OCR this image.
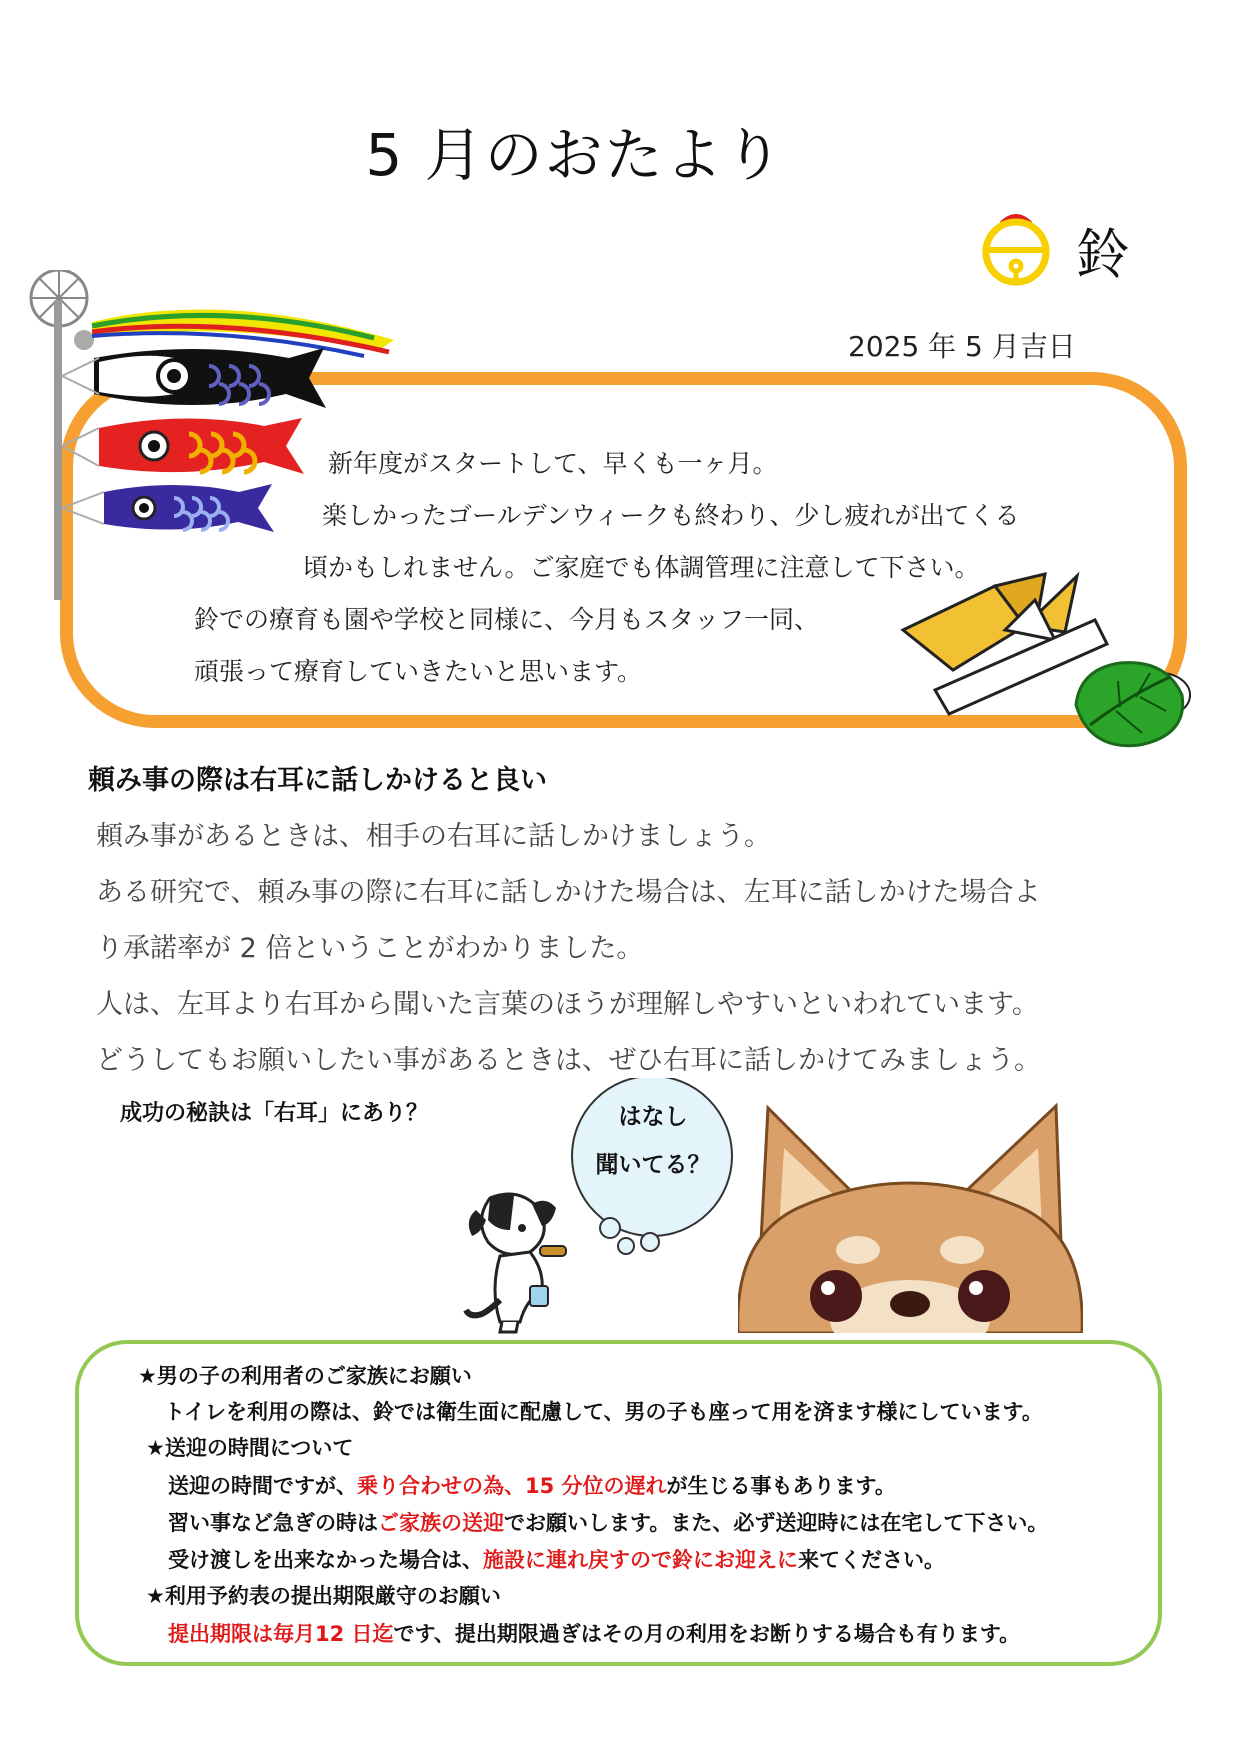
5 月のおたより
鈴
2025 年 5 月吉日
新年度がスタートして、早くも一ヶ月。
楽しかったゴールデンウィークも終わり、少し疲れが出てくる
頃かもしれません。ご家庭でも体調管理に注意して下さい。
鈴での療育も園や学校と同様に、今月もスタッフ一同、
頑張って療育していきたいと思います。
頼み事の際は右耳に話しかけると良い
頼み事があるときは、相手の右耳に話しかけましょう。
ある研究で、頼み事の際に右耳に話しかけた場合は、左耳に話しかけた場合よ
り承諾率が 2 倍ということがわかりました。
人は、左耳より右耳から聞いた言葉のほうが理解しやすいといわれています。
どうしてもお願いしたい事があるときは、ぜひ右耳に話しかけてみましょう。
成功の秘訣は「右耳」にあり？	はなし
聞いてる？
★男の子の利用者のご家族にお願い
トイレを利用の際は、鈴では衛生面に配慮して、男の子も座って用を済ます様にしています。
★送迎の時間について
送迎の時間ですが、乗り合わせの為、15 分位の遅れが生じる事もあります。
習い事など急ぎの時はご家族の送迎でお願いします。また、必ず送迎時には在宅して下さい。
受け渡しを出来なかった場合は、施設に連れ戻すので鈴にお迎えに来てください。
★利用予約表の提出期限厳守のお願い
提出期限は毎月12 日迄です、提出期限過ぎはその月の利用をお断りする場合も有ります。
